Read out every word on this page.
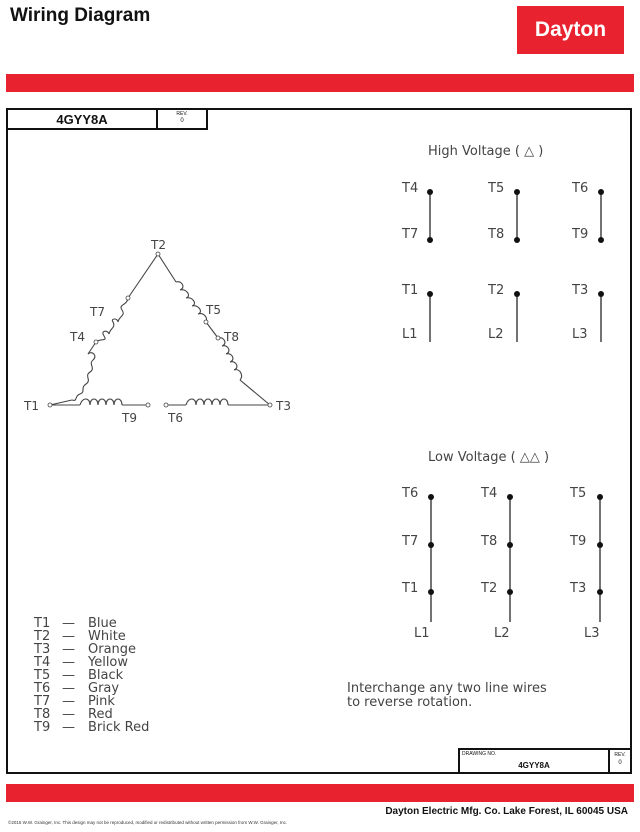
Wiring Diagram
Dayton
4GYY8A	REV.
0
T2
T7
T4
T5
T8
T1	T3
T9	T6
High Voltage ( △ )
T4
T7
T5
T8
T6
T9
T1
L1
T2
L2
T3
L3
Low Voltage ( △△ )
T6
T7
T1
L1
T4
T8
T2
L2
T5
T9
T3
L3
T1 — Blue
T2 — White
T3 — Orange
T4 — Yellow
T5 — Black
T6 — Gray
T7 — Pink
T8 — Red
T9 — Brick Red
Interchange any two line wires
to reverse rotation.
DRAWING NO.
4GYY8A
REV.
0
Dayton Electric Mfg. Co. Lake Forest, IL 60045 USA
©2015 W.W. Grainger, Inc. This design may not be reproduced, modified or redistributed without written permission from W.W. Grainger, Inc.
